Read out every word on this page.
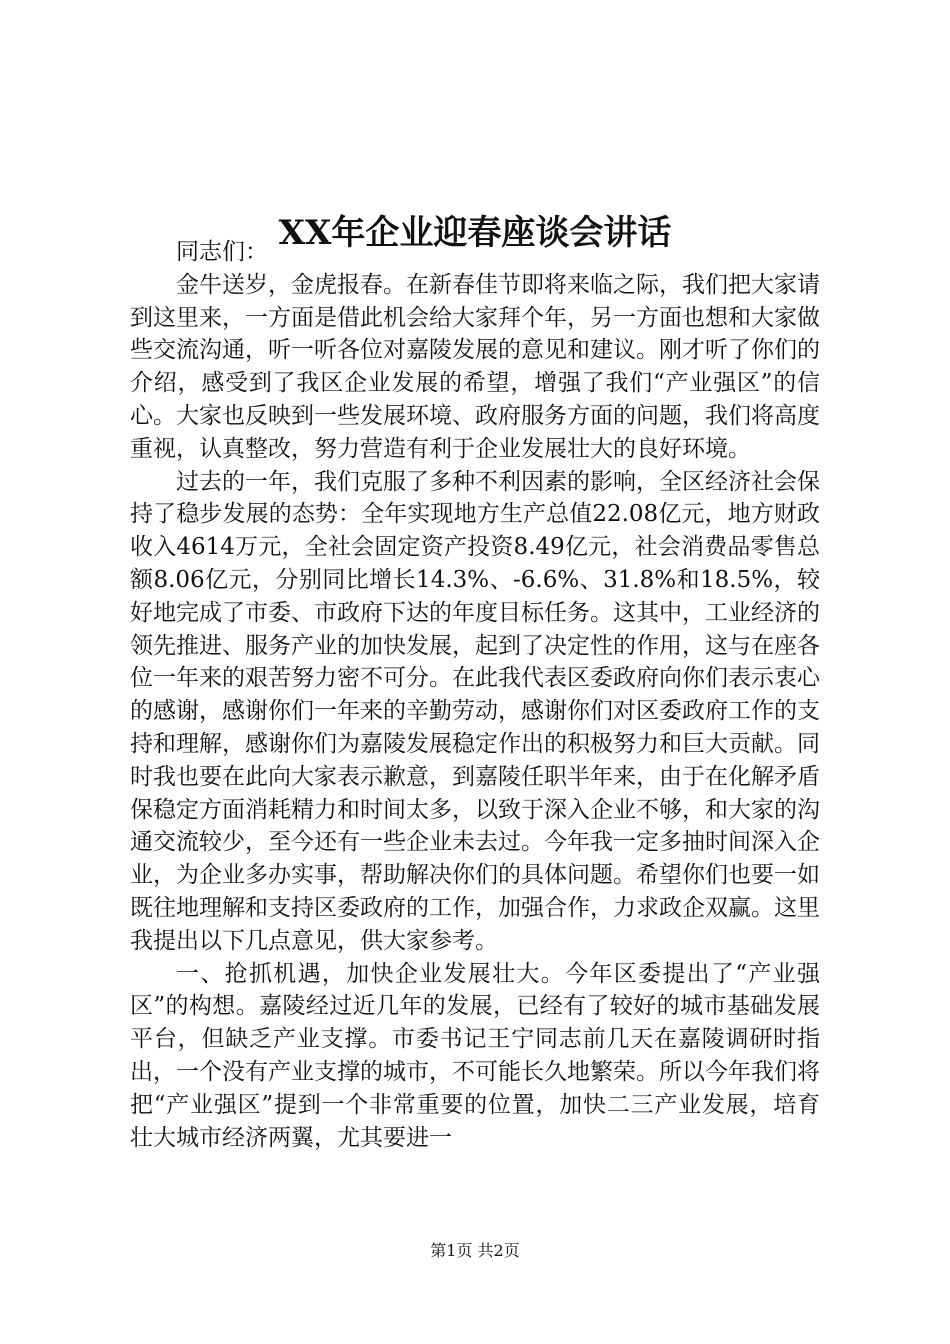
XX年企业迎春座谈会讲话

同志们：

金牛送岁，金虎报春。在新春佳节即将来临之际，我们把大家请到这里来，一方面是借此机会给大家拜个年，另一方面也想和大家做些交流沟通，听一听各位对嘉陵发展的意见和建议。刚才听了你们的介绍，感受到了我区企业发展的希望，增强了我们“产业强区”的信心。大家也反映到一些发展环境、政府服务方面的问题，我们将高度重视，认真整改，努力营造有利于企业发展壮大的良好环境。

过去的一年，我们克服了多种不利因素的影响，全区经济社会保持了稳步发展的态势：全年实现地方生产总值22.08亿元，地方财政收入4614万元，全社会固定资产投资8.49亿元，社会消费品零售总额8.06亿元，分别同比增长14.3%、-6.6%、31.8%和18.5%，较好地完成了市委、市政府下达的年度目标任务。这其中，工业经济的领先推进、服务产业的加快发展，起到了决定性的作用，这与在座各位一年来的艰苦努力密不可分。在此我代表区委政府向你们表示衷心的感谢，感谢你们一年来的辛勤劳动，感谢你们对区委政府工作的支持和理解，感谢你们为嘉陵发展稳定作出的积极努力和巨大贡献。同时我也要在此向大家表示歉意，到嘉陵任职半年来，由于在化解矛盾保稳定方面消耗精力和时间太多，以致于深入企业不够，和大家的沟通交流较少，至今还有一些企业未去过。今年我一定多抽时间深入企业，为企业多办实事，帮助解决你们的具体问题。希望你们也要一如既往地理解和支持区委政府的工作，加强合作，力求政企双赢。这里我提出以下几点意见，供大家参考。

一、抢抓机遇，加快企业发展壮大。今年区委提出了“产业强区”的构想。嘉陵经过近几年的发展，已经有了较好的城市基础发展平台，但缺乏产业支撑。市委书记王宁同志前几天在嘉陵调研时指出，一个没有产业支撑的城市，不可能长久地繁荣。所以今年我们将把“产业强区”提到一个非常重要的位置，加快二三产业发展，培育壮大城市经济两翼，尤其要进一

第1页 共2页
